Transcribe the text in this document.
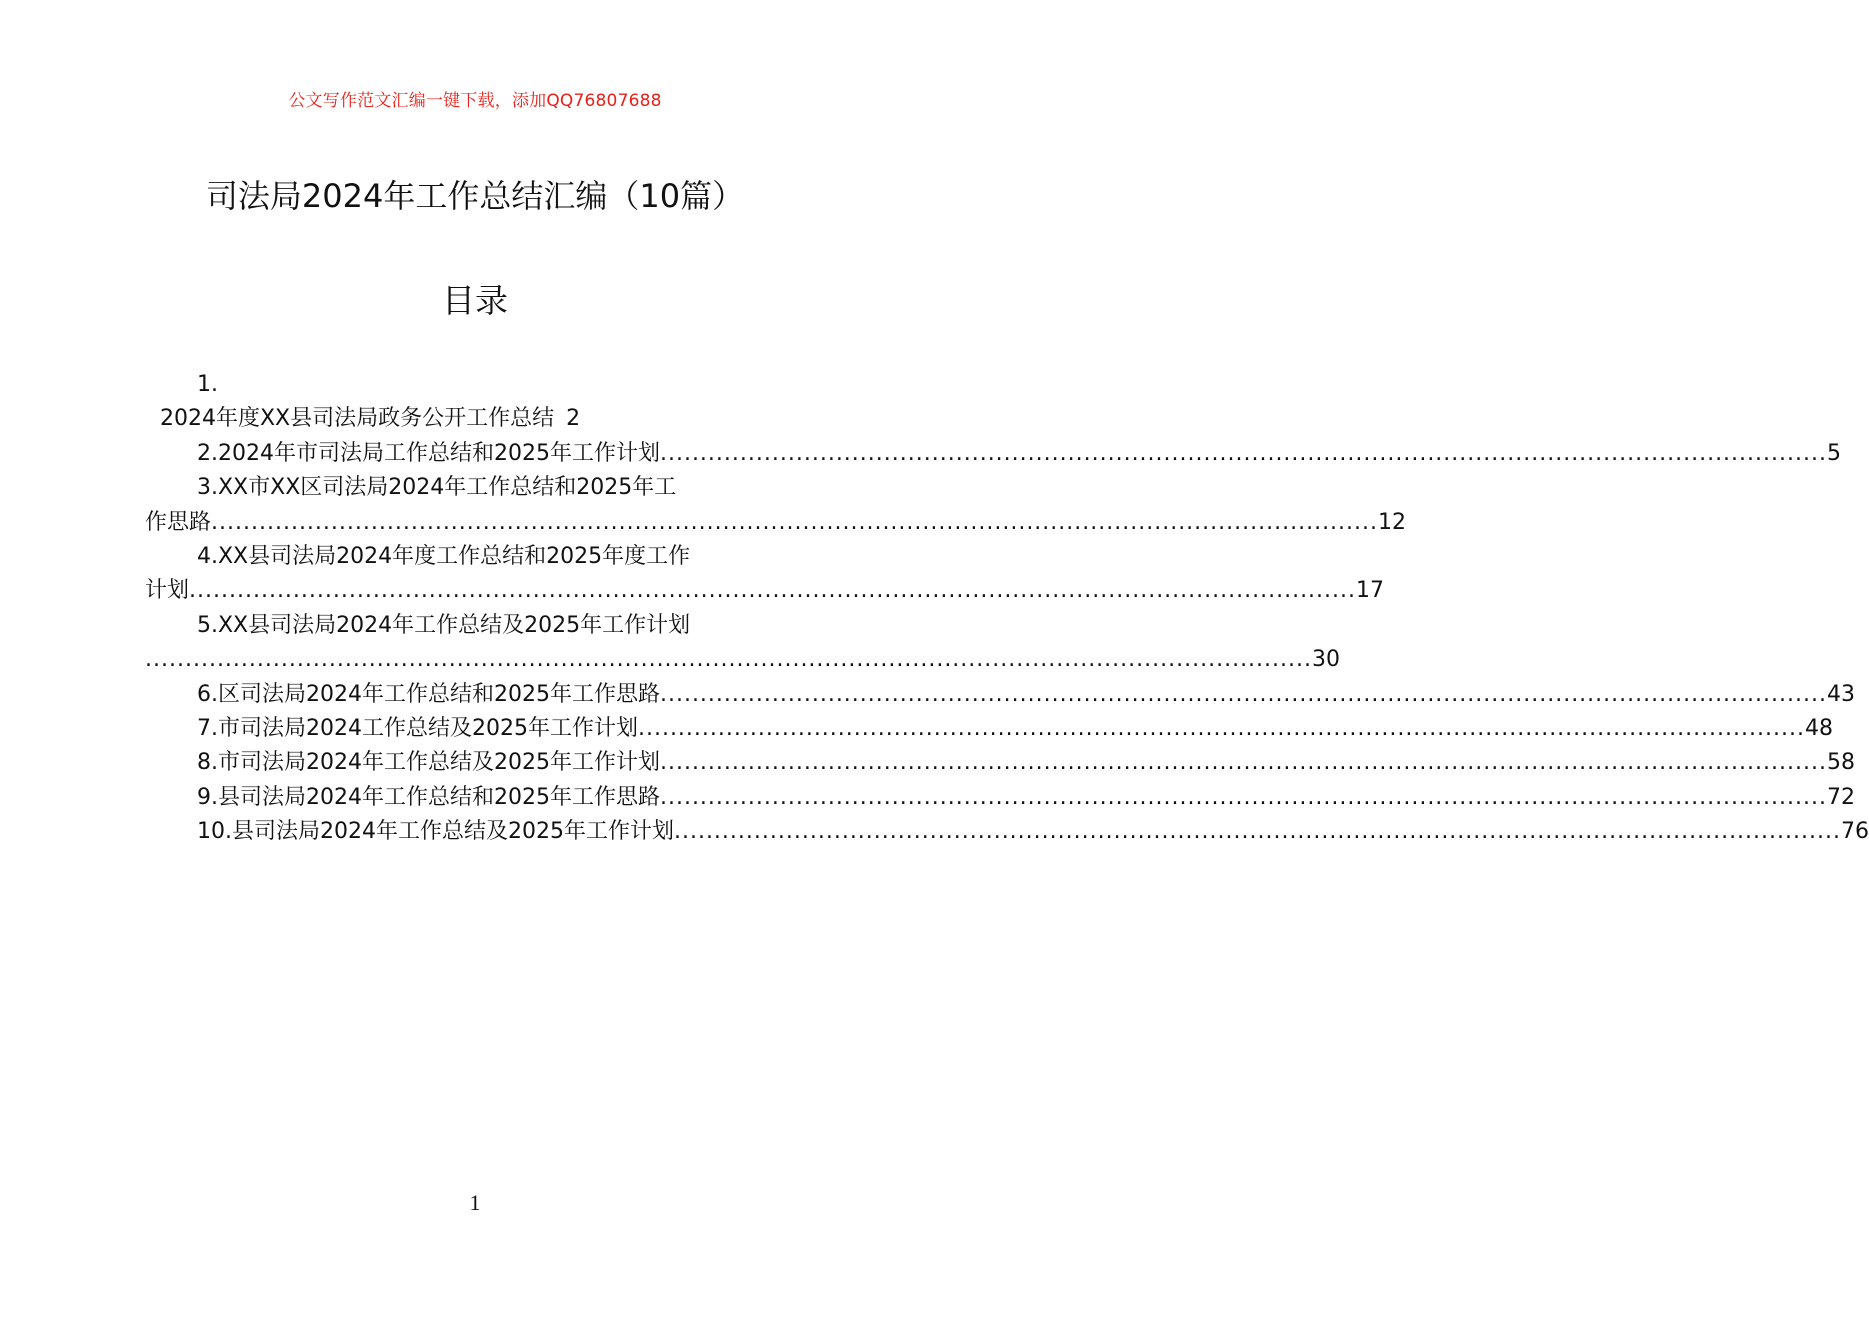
公文写作范文汇编一键下载，添加QQ76807688
司法局2024年工作总结汇编（10篇）
目录
1.
2024年度XX县司法局政务公开工作总结 2
2.2024年市司法局工作总结和2025年工作计划 .................................................................................................................................................. 5
3.XX市XX区司法局2024年工作总结和2025年工
作思路 .................................................................................................................................................. 12
4.XX县司法局2024年度工作总结和2025年度工作
计划 .................................................................................................................................................. 17
5.XX县司法局2024年工作总结及2025年工作计划
.................................................................................................................................................. 30
6.区司法局2024年工作总结和2025年工作思路 .................................................................................................................................................. 43
7.市司法局2024工作总结及2025年工作计划 .................................................................................................................................................. 48
8.市司法局2024年工作总结及2025年工作计划 .................................................................................................................................................. 58
9.县司法局2024年工作总结和2025年工作思路 .................................................................................................................................................. 72
10.县司法局2024年工作总结及2025年工作计划 .................................................................................................................................................. 76
1
